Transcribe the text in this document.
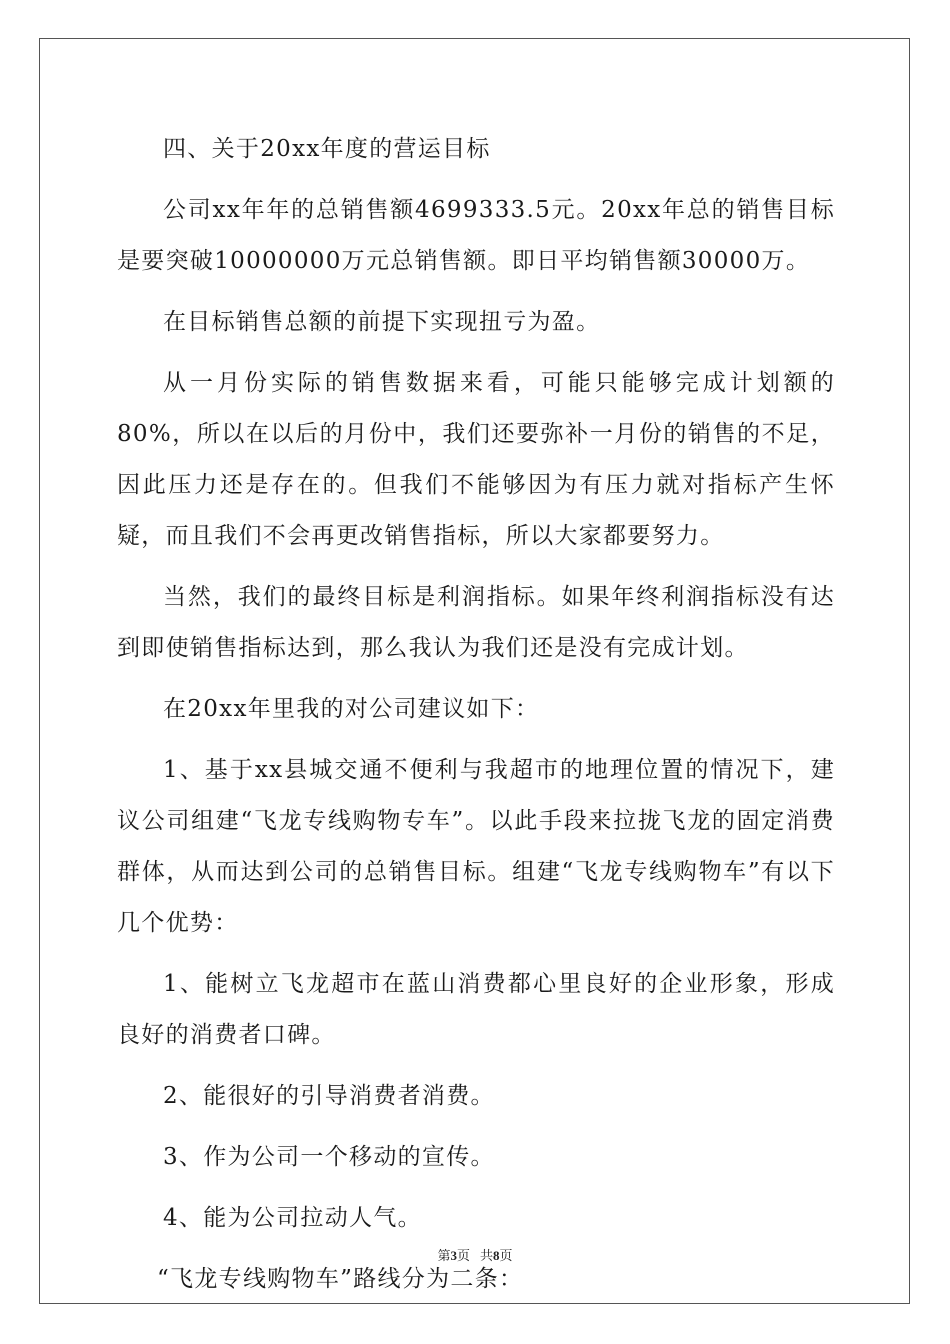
四、关于20xx年度的营运目标

公司xx年年的总销售额4699333.5元。20xx年总的销售目标是要突破10000000万元总销售额。即日平均销售额30000万。

在目标销售总额的前提下实现扭亏为盈。

从一月份实际的销售数据来看，可能只能够完成计划额的80%，所以在以后的月份中，我们还要弥补一月份的销售的不足，因此压力还是存在的。但我们不能够因为有压力就对指标产生怀疑，而且我们不会再更改销售指标，所以大家都要努力。

当然，我们的最终目标是利润指标。如果年终利润指标没有达到即使销售指标达到，那么我认为我们还是没有完成计划。

在20xx年里我的对公司建议如下：

1、基于xx县城交通不便利与我超市的地理位置的情况下，建议公司组建“飞龙专线购物专车”。以此手段来拉拢飞龙的固定消费群体，从而达到公司的总销售目标。组建“飞龙专线购物车”有以下几个优势：

1、能树立飞龙超市在蓝山消费都心里良好的企业形象，形成良好的消费者口碑。

2、能很好的引导消费者消费。

3、作为公司一个移动的宣传。

4、能为公司拉动人气。

“飞龙专线购物车”路线分为二条：

第3页 共8页
